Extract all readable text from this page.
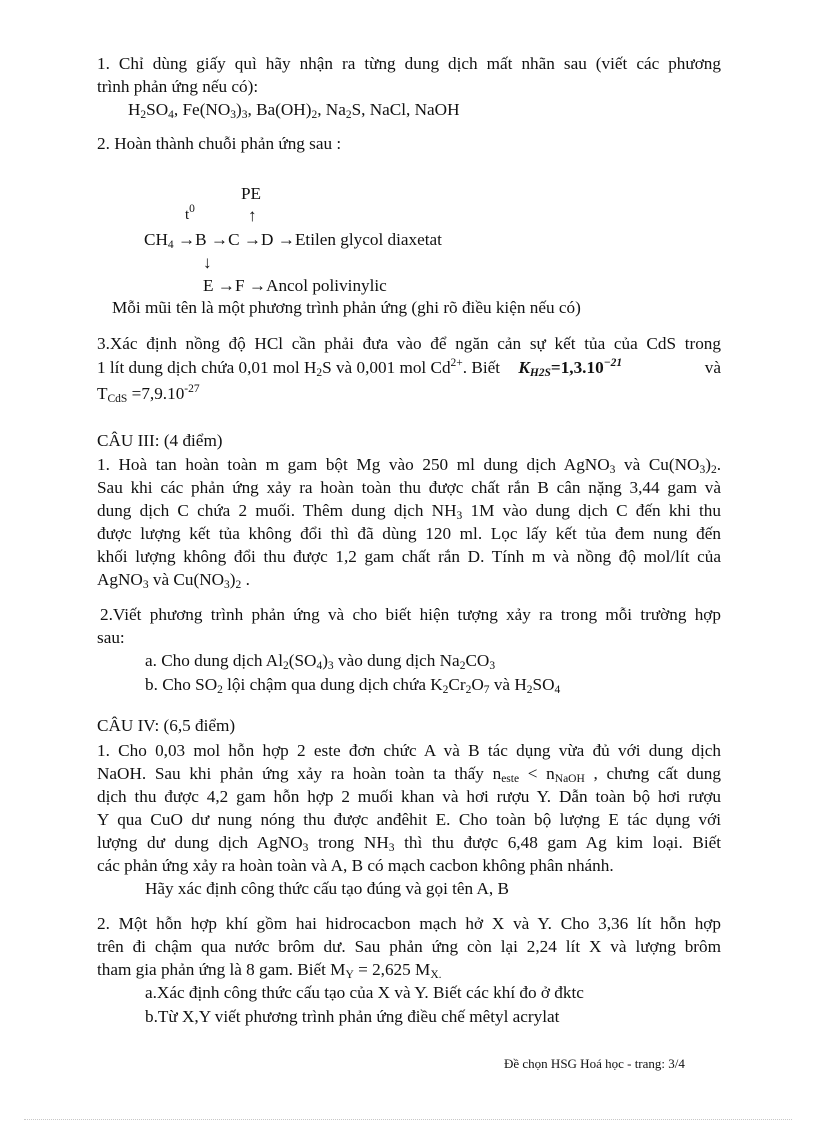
1. Chỉ dùng giấy quì hãy nhận ra từng dung dịch mất nhãn sau (viết các phương
trình phản ứng nếu có):
$H_2SO_4$, $Fe(NO_3)_3$, $Ba(OH)_2$, $Na_2S$, NaCl, NaOH
2. Hoàn thành chuỗi phản ứng sau :
PE
$t^0$	↑
$CH_4 \to B \to C \to D$ →Etilen glycol diaxetat
↓
E →F →Ancol polivinylic
Mỗi mũi tên là một phương trình phản ứng (ghi rõ điều kiện nếu có)
3.Xác định nồng độ HCl cần phải đưa vào để ngăn cản sự kết tủa của CdS trong
1 lít dung dịch chứa 0,01 mol $H_2S$ và 0,001 mol $Cd^{2+}$. Biết $K_{H2S}=1,3.10^{-21}$	và
$T_{CdS} =7,9.10^{-27}$
CÂU III: (4 điểm)
1. Hoà tan hoàn toàn m gam bột Mg vào 250 ml dung dịch AgNO$_3$ và $Cu(NO_3)_2$.
Sau khi các phản ứng xảy ra hoàn toàn thu được chất rắn B cân nặng 3,44 gam và
dung dịch C chứa 2 muối. Thêm dung dịch $NH_3$ 1M vào dung dịch C đến khi thu
được lượng kết tủa không đổi thì đã dùng 120 ml. Lọc lấy kết tủa đem nung đến
khối lượng không đổi thu được 1,2 gam chất rắn D. Tính m và nồng độ mol/lít của
AgNO$_3$ và $Cu(NO_3)_2$ .
2.Viết phương trình phản ứng và cho biết hiện tượng xảy ra trong mỗi trường hợp
sau:
a. Cho dung dịch $Al_2(SO_4)_3$ vào dung dịch $Na_2CO_3$
b. Cho $SO_2$ lội chậm qua dung dịch chứa $K_2Cr_2O_7$ và $H_2SO_4$
CÂU IV: (6,5 điểm)
1. Cho 0,03 mol hỗn hợp 2 este đơn chức A và B tác dụng vừa đủ với dung dịch
NaOH. Sau khi phản ứng xảy ra hoàn toàn ta thấy $n_{este} < n_{NaOH}$ , chưng cất dung
dịch thu được 4,2 gam hỗn hợp 2 muối khan và hơi rượu Y. Dẫn toàn bộ hơi rượu
Y qua CuO dư nung nóng thu được anđêhit E. Cho toàn bộ lượng E tác dụng với
lượng dư dung dịch AgNO$_3$ trong $NH_3$ thì thu được 6,48 gam Ag kim loại. Biết
các phản ứng xảy ra hoàn toàn và A, B có mạch cacbon không phân nhánh.
Hãy xác định công thức cấu tạo đúng và gọi tên A, B
2. Một hỗn hợp khí gồm hai hidrocacbon mạch hở X và Y. Cho 3,36 lít hỗn hợp
trên đi chậm qua nước brôm dư. Sau phản ứng còn lại 2,24 lít X và lượng brôm
tham gia phản ứng là 8 gam. Biết $M_Y = 2,625$ $M_{X.}$
a.Xác định công thức cấu tạo của X và Y. Biết các khí đo ở đktc
b.Từ X,Y viết phương trình phản ứng điều chế mêtyl acrylat
Đề chọn HSG Hoá học - trang: 3/4
